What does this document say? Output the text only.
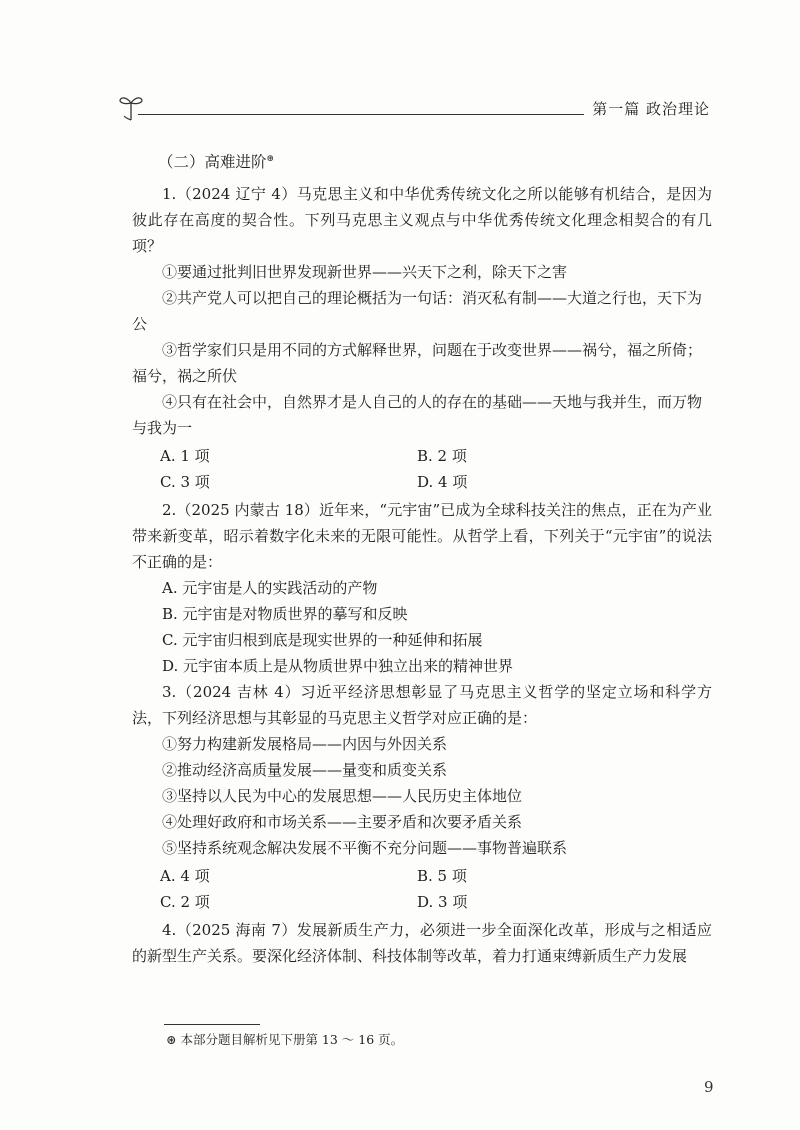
第一篇 政治理论

（二）高难进阶⊛

1.（2024 辽宁 4）马克思主义和中华优秀传统文化之所以能够有机结合，是因为彼此存在高度的契合性。下列马克思主义观点与中华优秀传统文化理念相契合的有几项？

①要通过批判旧世界发现新世界——兴天下之利，除天下之害

②共产党人可以把自己的理论概括为一句话：消灭私有制——大道之行也，天下为公

③哲学家们只是用不同的方式解释世界，问题在于改变世界——祸兮，福之所倚；福兮，祸之所伏

④只有在社会中，自然界才是人自己的人的存在的基础——天地与我并生，而万物与我为一

A. 1 项	B. 2 项
C. 3 项	D. 4 项

2.（2025 内蒙古 18）近年来，“元宇宙”已成为全球科技关注的焦点，正在为产业带来新变革，昭示着数字化未来的无限可能性。从哲学上看，下列关于“元宇宙”的说法不正确的是：

A. 元宇宙是人的实践活动的产物

B. 元宇宙是对物质世界的摹写和反映

C. 元宇宙归根到底是现实世界的一种延伸和拓展

D. 元宇宙本质上是从物质世界中独立出来的精神世界

3.（2024 吉林 4）习近平经济思想彰显了马克思主义哲学的坚定立场和科学方法，下列经济思想与其彰显的马克思主义哲学对应正确的是：

①努力构建新发展格局——内因与外因关系

②推动经济高质量发展——量变和质变关系

③坚持以人民为中心的发展思想——人民历史主体地位

④处理好政府和市场关系——主要矛盾和次要矛盾关系

⑤坚持系统观念解决发展不平衡不充分问题——事物普遍联系

A. 4 项	B. 5 项
C. 2 项	D. 3 项

4.（2025 海南 7）发展新质生产力，必须进一步全面深化改革，形成与之相适应的新型生产关系。要深化经济体制、科技体制等改革，着力打通束缚新质生产力发展

⊛ 本部分题目解析见下册第 13 ～ 16 页。
9
